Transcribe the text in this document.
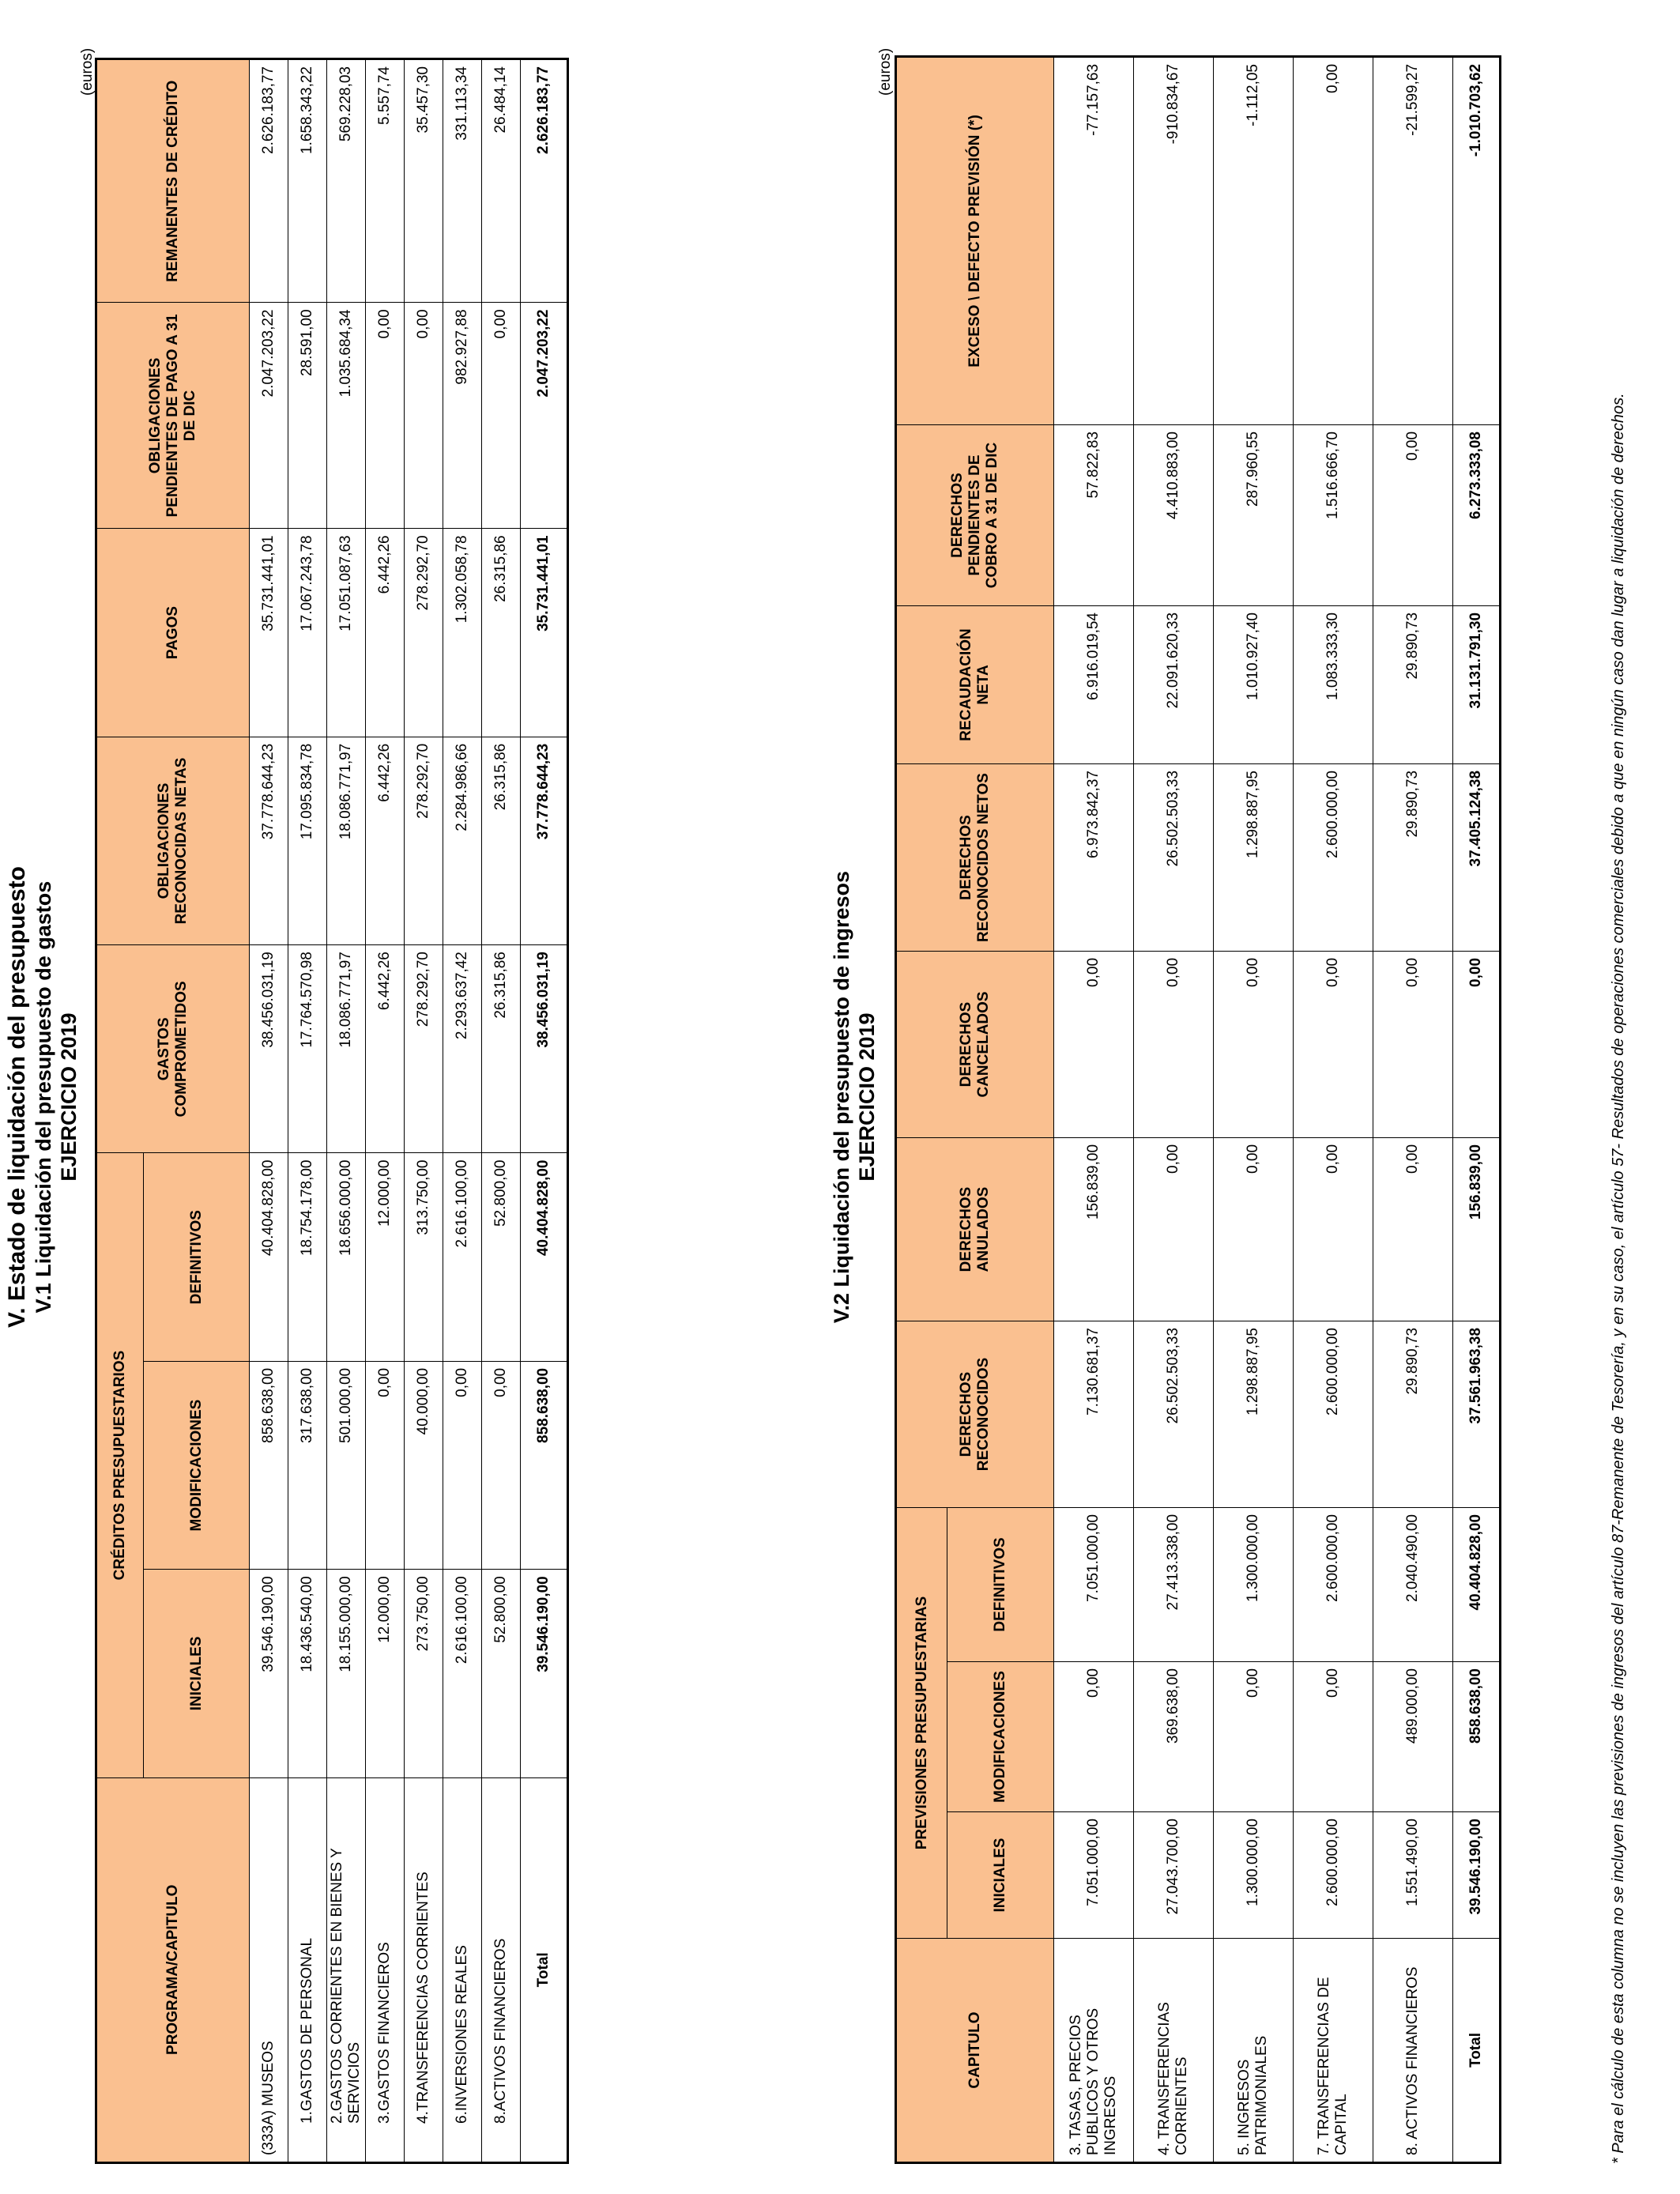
V. Estado de liquidación del presupuesto V.1 Liquidación del presupuesto de gastos EJERCICIO 2019
(euros)
PROGRAMA/CAPITULO	CRÉDITOS PRESUPUESTARIOS			GASTOS COMPROMETIDOS	OBLIGACIONES RECONOCIDAS NETAS	PAGOS	OBLIGACIONES PENDIENTES DE PAGO A 31 DE DIC	REMANENTES DE CRÉDITO
	INICIALES	MODIFICACIONES	DEFINITIVOS					
(333A) MUSEOS	39.546.190,00	858.638,00	40.404.828,00	38.456.031,19	37.778.644,23	35.731.441,01	2.047.203,22	2.626.183,77
1.GASTOS DE PERSONAL	18.436.540,00	317.638,00	18.754.178,00	17.764.570,98	17.095.834,78	17.067.243,78	28.591,00	1.658.343,22
2.GASTOS CORRIENTES EN BIENES Y SERVICIOS	18.155.000,00	501.000,00	18.656.000,00	18.086.771,97	18.086.771,97	17.051.087,63	1.035.684,34	569.228,03
3.GASTOS FINANCIEROS	12.000,00	0,00	12.000,00	6.442,26	6.442,26	6.442,26	0,00	5.557,74
4.TRANSFERENCIAS CORRIENTES	273.750,00	40.000,00	313.750,00	278.292,70	278.292,70	278.292,70	0,00	35.457,30
6.INVERSIONES REALES	2.616.100,00	0,00	2.616.100,00	2.293.637,42	2.284.986,66	1.302.058,78	982.927,88	331.113,34
8.ACTIVOS FINANCIEROS	52.800,00	0,00	52.800,00	26.315,86	26.315,86	26.315,86	0,00	26.484,14
Total	39.546.190,00	858.638,00	40.404.828,00	38.456.031,19	37.778.644,23	35.731.441,01	2.047.203,22	2.626.183,77
V.2 Liquidación del presupuesto de ingresos EJERCICIO 2019
(euros)
CAPITULO	PREVISIONES PRESUPUESTARIAS			DERECHOS RECONOCIDOS	DERECHOS ANULADOS	DERECHOS CANCELADOS	DERECHOS RECONOCIDOS NETOS	RECAUDACIÓN NETA	DERECHOS PENDIENTES DE COBRO A 31 DE DIC	EXCESO \ DEFECTO PREVISIÓN (*)
	INICIALES	MODIFICACIONES	DEFINITIVOS							
3. TASAS, PRECIOS PUBLICOS Y OTROS INGRESOS	7.051.000,00	0,00	7.051.000,00	7.130.681,37	156.839,00	0,00	6.973.842,37	6.916.019,54	57.822,83	-77.157,63
4. TRANSFERENCIAS CORRIENTES	27.043.700,00	369.638,00	27.413.338,00	26.502.503,33	0,00	0,00	26.502.503,33	22.091.620,33	4.410.883,00	-910.834,67
5. INGRESOS PATRIMONIALES	1.300.000,00	0,00	1.300.000,00	1.298.887,95	0,00	0,00	1.298.887,95	1.010.927,40	287.960,55	-1.112,05
7. TRANSFERENCIAS DE CAPITAL	2.600.000,00	0,00	2.600.000,00	2.600.000,00	0,00	0,00	2.600.000,00	1.083.333,30	1.516.666,70	0,00
8. ACTIVOS FINANCIEROS	1.551.490,00	489.000,00	2.040.490,00	29.890,73	0,00	0,00	29.890,73	29.890,73	0,00	-21.599,27
Total	39.546.190,00	858.638,00	40.404.828,00	37.561.963,38	156.839,00	0,00	37.405.124,38	31.131.791,30	6.273.333,08	-1.010.703,62
* Para el cálculo de esta columna no se incluyen las previsiones de ingresos del artículo 87-Remanente de Tesorería, y en su caso, el artículo 57- Resultados de operaciones comerciales debido a que en ningún caso dan lugar a liquidación de derechos.
